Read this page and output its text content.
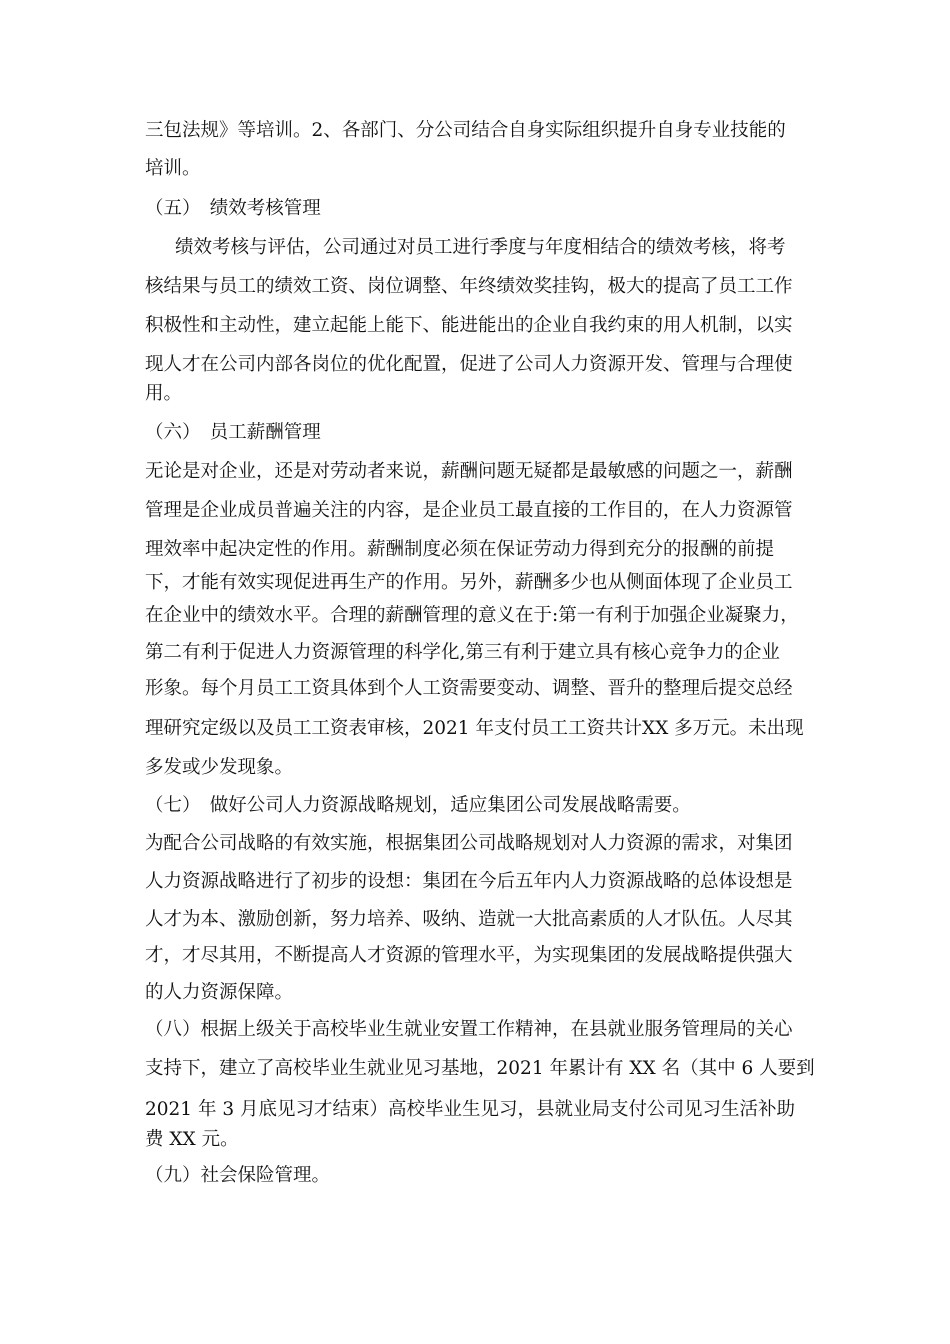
三包法规》等培训。2、各部门、分公司结合自身实际组织提升自身专业技能的
培训。
（五）　绩效考核管理
绩效考核与评估，公司通过对员工进行季度与年度相结合的绩效考核，将考
核结果与员工的绩效工资、岗位调整、年终绩效奖挂钩，极大的提高了员工工作
积极性和主动性，建立起能上能下、能进能出的企业自我约束的用人机制，以实
现人才在公司内部各岗位的优化配置，促进了公司人力资源开发、管理与合理使
用。
（六）　员工薪酬管理
无论是对企业，还是对劳动者来说，薪酬问题无疑都是最敏感的问题之一，薪酬
管理是企业成员普遍关注的内容，是企业员工最直接的工作目的，在人力资源管
理效率中起决定性的作用。薪酬制度必须在保证劳动力得到充分的报酬的前提
下，才能有效实现促进再生产的作用。另外，薪酬多少也从侧面体现了企业员工
在企业中的绩效水平。合理的薪酬管理的意义在于:第一有利于加强企业凝聚力，
第二有利于促进人力资源管理的科学化,第三有利于建立具有核心竞争力的企业
形象。每个月员工工资具体到个人工资需要变动、调整、晋升的整理后提交总经
理研究定级以及员工工资表审核，2021 年支付员工工资共计XX 多万元。未出现
多发或少发现象。
（七）　做好公司人力资源战略规划，适应集团公司发展战略需要。
为配合公司战略的有效实施，根据集团公司战略规划对人力资源的需求，对集团
人力资源战略进行了初步的设想：集团在今后五年内人力资源战略的总体设想是
人才为本、激励创新，努力培养、吸纳、造就一大批高素质的人才队伍。人尽其
才，才尽其用，不断提高人才资源的管理水平，为实现集团的发展战略提供强大
的人力资源保障。
（八）根据上级关于高校毕业生就业安置工作精神，在县就业服务管理局的关心
支持下，建立了高校毕业生就业见习基地，2021 年累计有 XX 名（其中 6 人要到
2021 年 3 月底见习才结束）高校毕业生见习，县就业局支付公司见习生活补助
费 XX 元。
（九）社会保险管理。
